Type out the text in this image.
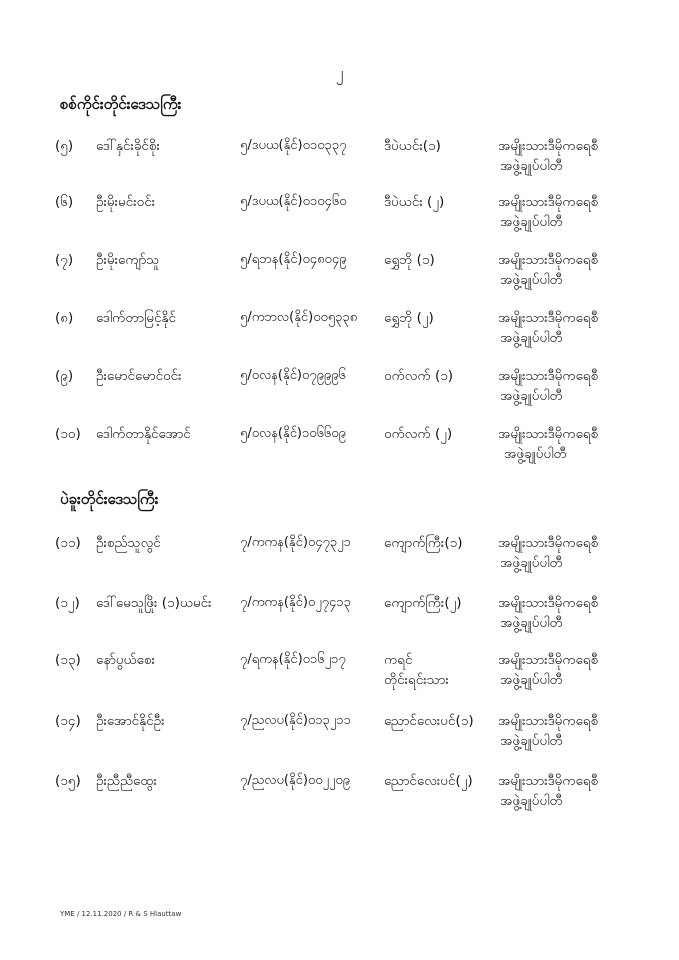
၂
စစ်ကိုင်းတိုင်းဒေသကြီး
(၅)	ဒေါ်နှင်းခိုင်စိုး	၅/ဒပယ(နိုင်)၀၁၀၃၃၇	ဒီပဲယင်း(၁)	အမျိုးသားဒီမိုကရေစီ
အဖွဲ့ချုပ်ပါတီ
(၆)	ဦးမိုးမင်းဝင်း	၅/ဒပယ(နိုင်)၀၁၀၄၆၀	ဒီပဲယင်း (၂)	အမျိုးသားဒီမိုကရေစီ
အဖွဲ့ချုပ်ပါတီ
(၇)	ဦးမိုးကျော်သူ	၅/ရဘန(နိုင်)၀၄၈၀၄၉	ရွှေဘို (၁)	အမျိုးသားဒီမိုကရေစီ
အဖွဲ့ချုပ်ပါတီ
(၈)	ဒေါက်တာမြင့်နိုင်	၅/ကဘလ(နိုင်)၀၀၅၃၃၈	ရွှေဘို (၂)	အမျိုးသားဒီမိုကရေစီ
အဖွဲ့ချုပ်ပါတီ
(၉)	ဦးမောင်မောင်ဝင်း	၅/ဝလန(နိုင်)၀၇၉၉၉၆	ဝက်လက် (၁)	အမျိုးသားဒီမိုကရေစီ
အဖွဲ့ချုပ်ပါတီ
(၁၀)	ဒေါက်တာနိုင်အောင်	၅/ဝလန(နိုင်)၁၀၆၆၀၉	ဝက်လက် (၂)	အမျိုးသားဒီမိုကရေစီ
အဖွဲ့ချုပ်ပါတီ
ပဲခူးတိုင်းဒေသကြီး
(၁၁)	ဦးစည်သူလွင်	၇/ကကန(နိုင်)၀၄၇၃၂၁	ကျောက်ကြီး(၁)	အမျိုးသားဒီမိုကရေစီ
အဖွဲ့ချုပ်ပါတီ
(၁၂)	ဒေါ်မေသူဖြိုး (၁)ယမင်း ၇/ကကန(နိုင်)၀၂၇၄၁၃	ကျောက်ကြီး(၂)	အမျိုးသားဒီမိုကရေစီ
အဖွဲ့ချုပ်ပါတီ
(၁၃)	နော်ပွယ်စေး	၇/ရကန(နိုင်)၀၁၆၂၁၇	ကရင် တိုင်းရင်းသား
အမျိုးသားဒီမိုကရေစီ
အဖွဲ့ချုပ်ပါတီ
(၁၄)	ဦးအောင်နိုင်ဦး	၇/ညလပ(နိုင်)၀၁၃၂၁၁	ညောင်လေးပင်(၁)	အမျိုးသားဒီမိုကရေစီ
အဖွဲ့ချုပ်ပါတီ
(၁၅)	ဦးညီညီထွေး	၇/ညလပ(နိုင်)၀၀၂၂၀၉	ညောင်လေးပင်(၂)	အမျိုးသားဒီမိုကရေစီ
အဖွဲ့ချုပ်ပါတီ
YME / 12.11.2020 / R & S Hlauttaw
